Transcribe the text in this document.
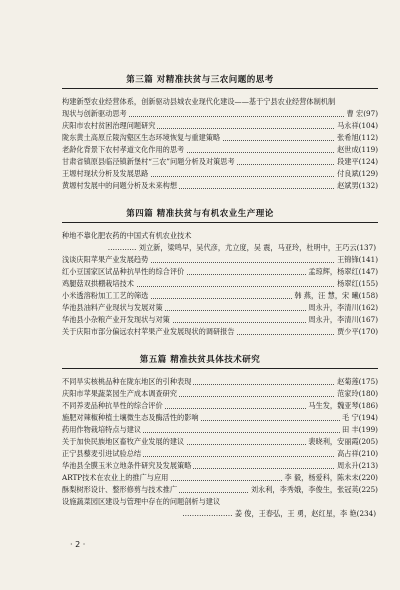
第三篇 对精准扶贫与三农问题的思考
构建新型农业经营体系，创新驱动县城农业现代化建设——基于宁县农业经营体制机制
现状与创新驱动思考	曹 宏(97)
庆阳市农村贫困治理问题研究	马永祥(104)
陇东黄土高原丘陵沟壑区生态环境恢复与重建策略	张希旭(112)
老龄化背景下农村孝道文化作用的思考	赵世成(119)
甘肃省镇原县临泾镇新堡村“三农”问题分析及对策思考	段建平(124)
王塬村现状分析及发展思路	付良斌(129)
黄塬村发展中的问题分析及未来构想	赵斌男(132)
第四篇 精准扶贫与有机农业生产理论
种地不靠化肥农药的中国式有机农业技术
………… 刘立新，梁鸣早，吴代彦，尤立度，吴 震，马亚玲，杜明中，王巧云(137)
浅谈庆阳苹果产业发展趋势	王锦锋(141)
红小豆国家区试品种抗旱性的综合评价	孟琼辉，杨翠红(147)
鸡腿菇双拱棚栽培技术	杨翠红(155)
小米透溶粉加工工艺的筛选	韩 燕，汪 慧，宋 曦(158)
华池县油料产业现状与发展对策	周永升，李清川(162)
华池县小杂粮产业开发现状与对策	周永升，李清川(167)
关于庆阳市部分偏远农村苹果产业发展现状的调研报告	贾少平(170)
第五篇 精准扶贫具体技术研究
不同旱实核桃品种在陇东地区的引种表现	赵菊莲(175)
庆阳市苹果蔬菜园生产成本调查研究	范家玲(180)
不同养麦品种抗旱性的综合评价	马生发，魏亚琴(186)
施肥对辣椒种植土壤微生态及酶活性的影响	毛 宁(194)
药用作物栽培特点与建议	田 丰(199)
关于加快民族地区畜牧产业发展的建议	裴晓利，安丽霞(205)
正宁县藜麦引进试验总结	高占祥(210)
华池县全膜玉米立地条件研究及发展策略	周永升(213)
ARTP技术在农业上的推广与应用	李 毅，杨爱科，陈未未(220)
酥梨树形设计、整形修剪与技术推广	刘永利，李秀娥，李俊生，张冠英(225)
设施蔬菜园区建设与管理中存在的问题剖析与建议
………………… 姜 俊，王春弘，王 勇，赵红星，李 艳(234)
· 2 ·
